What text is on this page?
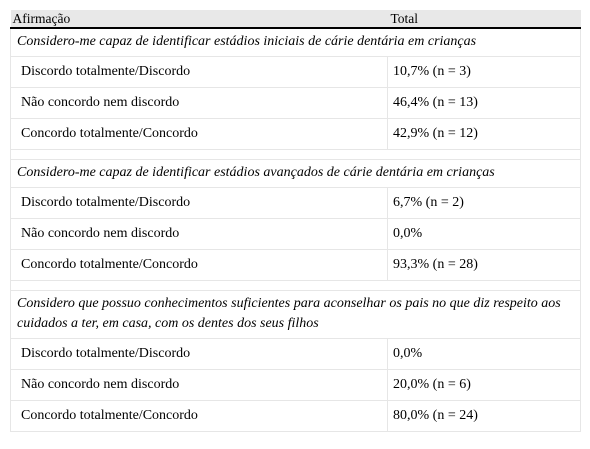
Afirmação	Total
Considero-me capaz de identificar estádios iniciais de cárie dentária em crianças	
Discordo totalmente/Discordo	10,7% (n = 3)
Não concordo nem discordo	46,4% (n = 13)
Concordo totalmente/Concordo	42,9% (n = 12)

Considero-me capaz de identificar estádios avançados de cárie dentária em crianças	
Discordo totalmente/Discordo	6,7% (n = 2)
Não concordo nem discordo	0,0%
Concordo totalmente/Concordo	93,3% (n = 28)

Considero que possuo conhecimentos suficientes para aconselhar os pais no que diz respeito aos cuidados a ter, em casa, com os dentes dos seus filhos	
Discordo totalmente/Discordo	0,0%
Não concordo nem discordo	20,0% (n = 6)
Concordo totalmente/Concordo	80,0% (n = 24)
